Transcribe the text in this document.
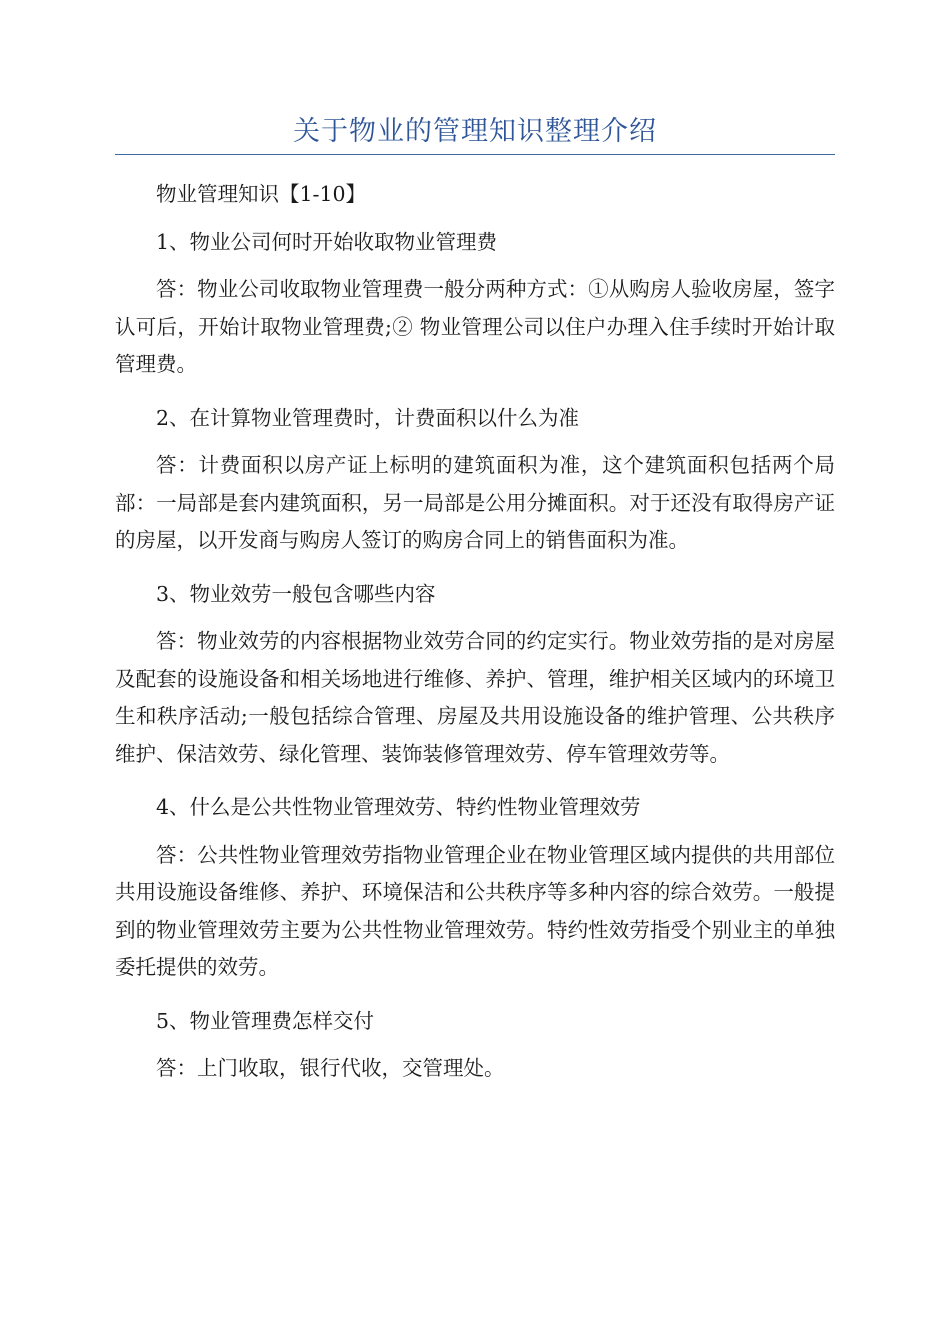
关于物业的管理知识整理介绍

物业管理知识【1-10】

1、物业公司何时开始收取物业管理费

答：物业公司收取物业管理费一般分两种方式：①从购房人验收房屋，签字认可后，开始计取物业管理费;② 物业管理公司以住户办理入住手续时开始计取管理费。

2、在计算物业管理费时，计费面积以什么为准

答：计费面积以房产证上标明的建筑面积为准，这个建筑面积包括两个局部：一局部是套内建筑面积，另一局部是公用分摊面积。对于还没有取得房产证的房屋，以开发商与购房人签订的购房合同上的销售面积为准。

3、物业效劳一般包含哪些内容

答：物业效劳的内容根据物业效劳合同的约定实行。物业效劳指的是对房屋及配套的设施设备和相关场地进行维修、养护、管理，维护相关区域内的环境卫生和秩序活动;一般包括综合管理、房屋及共用设施设备的维护管理、公共秩序维护、保洁效劳、绿化管理、装饰装修管理效劳、停车管理效劳等。

4、什么是公共性物业管理效劳、特约性物业管理效劳

答：公共性物业管理效劳指物业管理企业在物业管理区域内提供的共用部位共用设施设备维修、养护、环境保洁和公共秩序等多种内容的综合效劳。一般提到的物业管理效劳主要为公共性物业管理效劳。特约性效劳指受个别业主的单独委托提供的效劳。

5、物业管理费怎样交付

答：上门收取，银行代收，交管理处。
